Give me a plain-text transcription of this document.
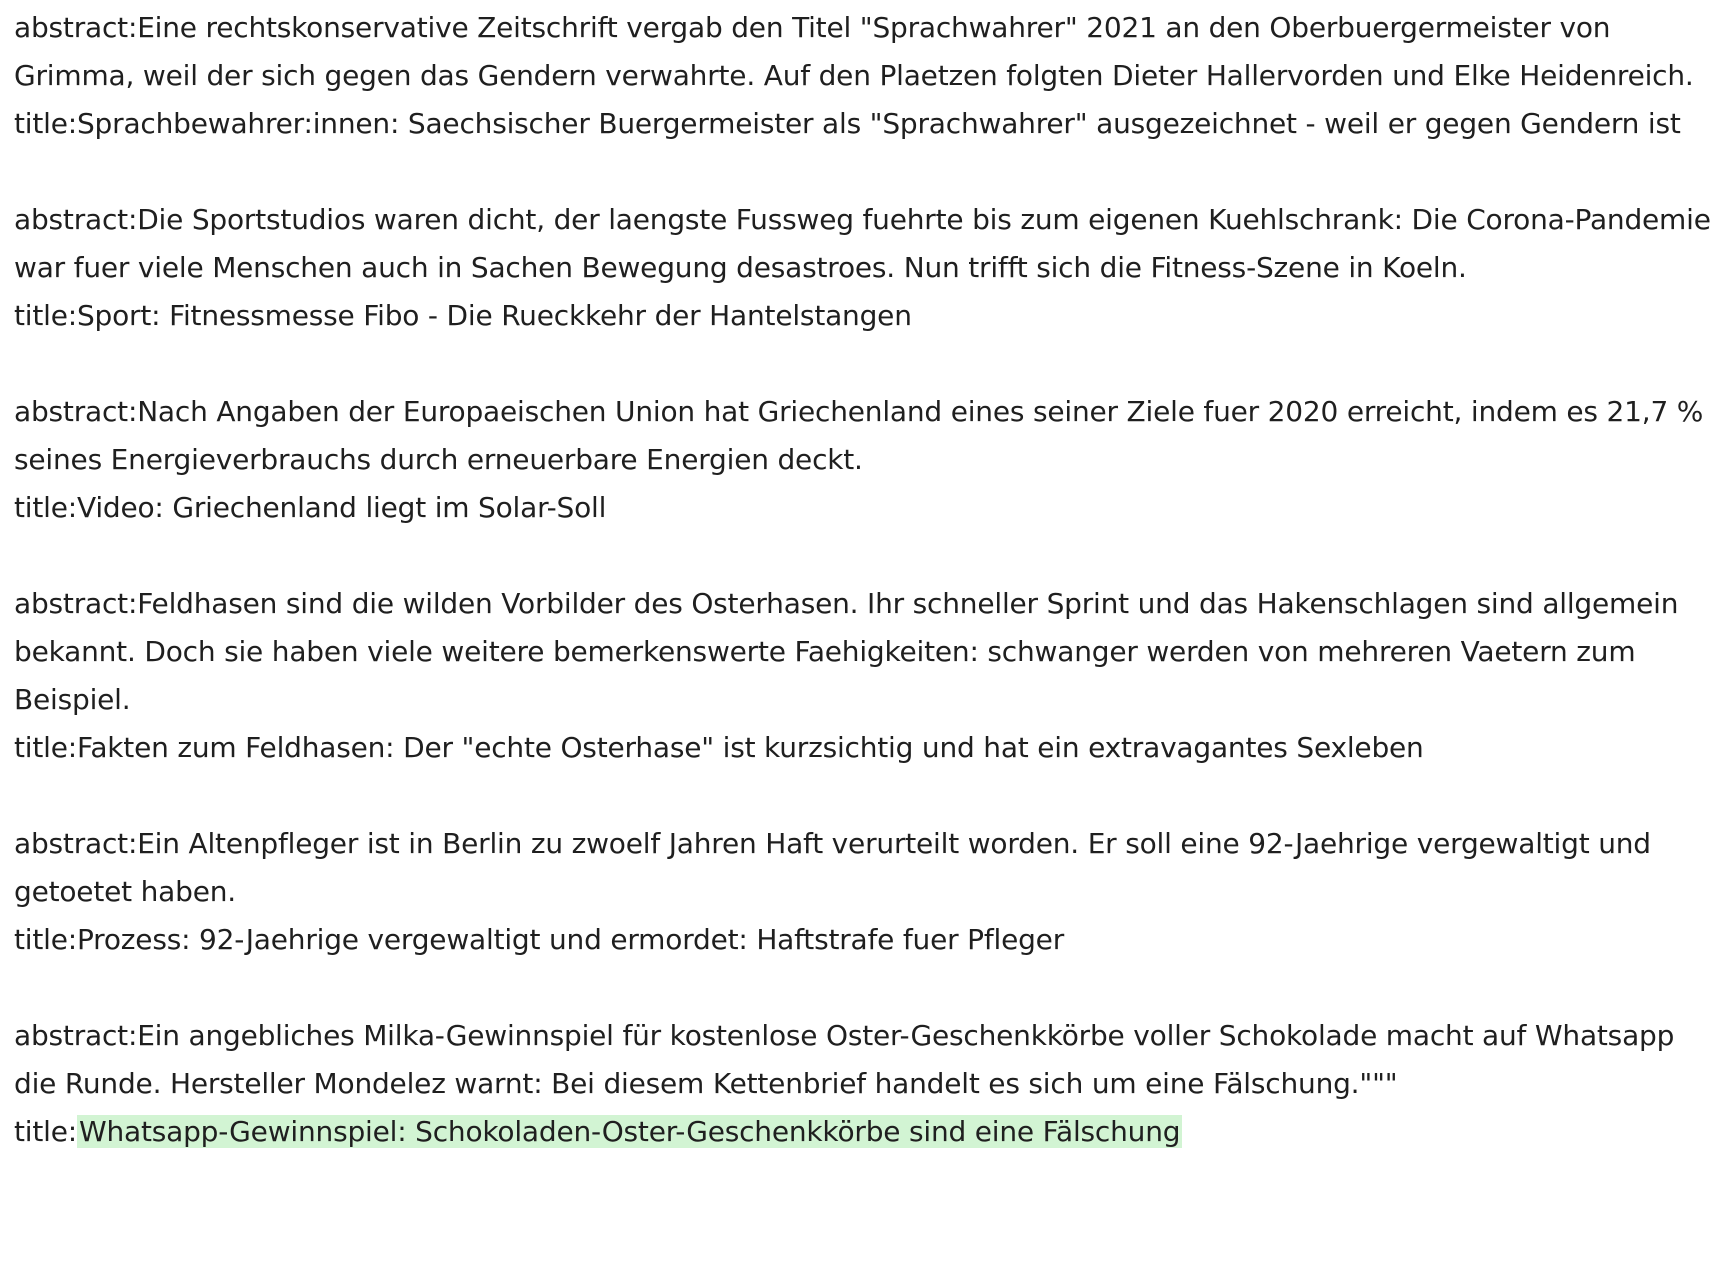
abstract:Eine rechtskonservative Zeitschrift vergab den Titel "Sprachwahrer" 2021 an den Oberbuergermeister von Grimma, weil der sich gegen das Gendern verwahrte. Auf den Plaetzen folgten Dieter Hallervorden und Elke Heidenreich.
title:Sprachbewahrer:innen: Saechsischer Buergermeister als "Sprachwahrer" ausgezeichnet - weil er gegen Gendern ist
abstract:Die Sportstudios waren dicht, der laengste Fussweg fuehrte bis zum eigenen Kuehlschrank: Die Corona-Pandemie war fuer viele Menschen auch in Sachen Bewegung desastroes. Nun trifft sich die Fitness-Szene in Koeln.
title:Sport: Fitnessmesse Fibo - Die Rueckkehr der Hantelstangen
abstract:Nach Angaben der Europaeischen Union hat Griechenland eines seiner Ziele fuer 2020 erreicht, indem es 21,7 % seines Energieverbrauchs durch erneuerbare Energien deckt.
title:Video: Griechenland liegt im Solar-Soll
abstract:Feldhasen sind die wilden Vorbilder des Osterhasen. Ihr schneller Sprint und das Hakenschlagen sind allgemein bekannt. Doch sie haben viele weitere bemerkenswerte Faehigkeiten: schwanger werden von mehreren Vaetern zum Beispiel.
title:Fakten zum Feldhasen: Der "echte Osterhase" ist kurzsichtig und hat ein extravagantes Sexleben
abstract:Ein Altenpfleger ist in Berlin zu zwoelf Jahren Haft verurteilt worden. Er soll eine 92-Jaehrige vergewaltigt und getoetet haben.
title:Prozess: 92-Jaehrige vergewaltigt und ermordet: Haftstrafe fuer Pfleger
abstract:Ein angebliches Milka-Gewinnspiel für kostenlose Oster-Geschenkkörbe voller Schokolade macht auf Whatsapp die Runde. Hersteller Mondelez warnt: Bei diesem Kettenbrief handelt es sich um eine Fälschung."""
title:Whatsapp-Gewinnspiel: Schokoladen-Oster-Geschenkkörbe sind eine Fälschung
